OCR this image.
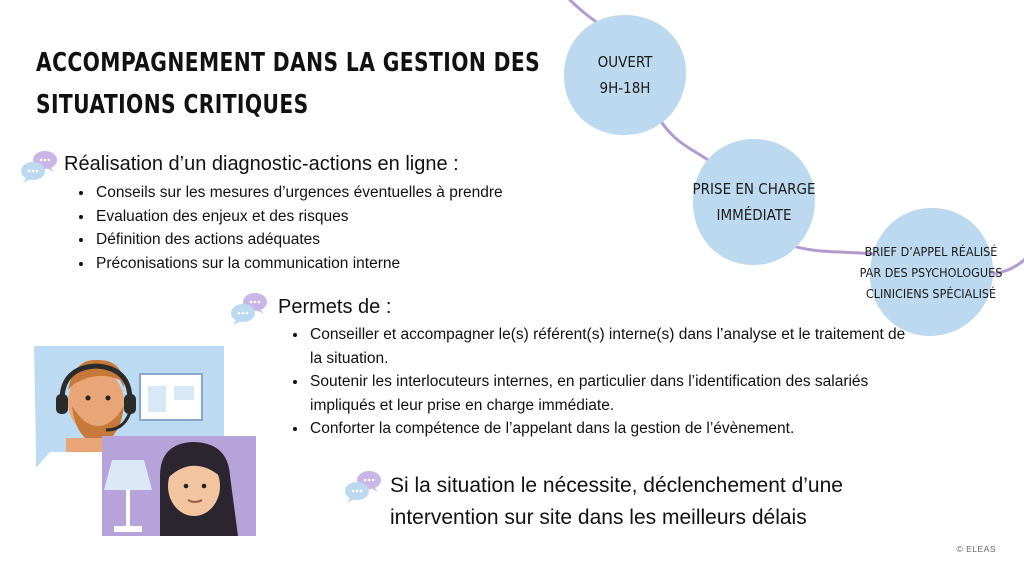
ACCOMPAGNEMENT DANS LA GESTION DES
SITUATIONS CRITIQUES
Réalisation d’un diagnostic-actions en ligne :
• Conseils sur les mesures d’urgences éventuelles à prendre
• Evaluation des enjeux et des risques
• Définition des actions adéquates
• Préconisations sur la communication interne
Permets de :
• Conseiller et accompagner le(s) référent(s) interne(s) dans l’analyse et le traitement de la situation.
• Soutenir les interlocuteurs internes, en particulier dans l’identification des salariés impliqués et leur prise en charge immédiate.
• Conforter la compétence de l’appelant dans la gestion de l’évènement.
OUVERT
9H-18H
PRISE EN CHARGE
IMMÉDIATE
BRIEF D’APPEL RÉALISÉ
PAR DES PSYCHOLOGUES
CLINICIENS SPÉCIALISÉ
Si la situation le nécessite, déclenchement d’une
intervention sur site dans les meilleurs délais
© ELEAS
